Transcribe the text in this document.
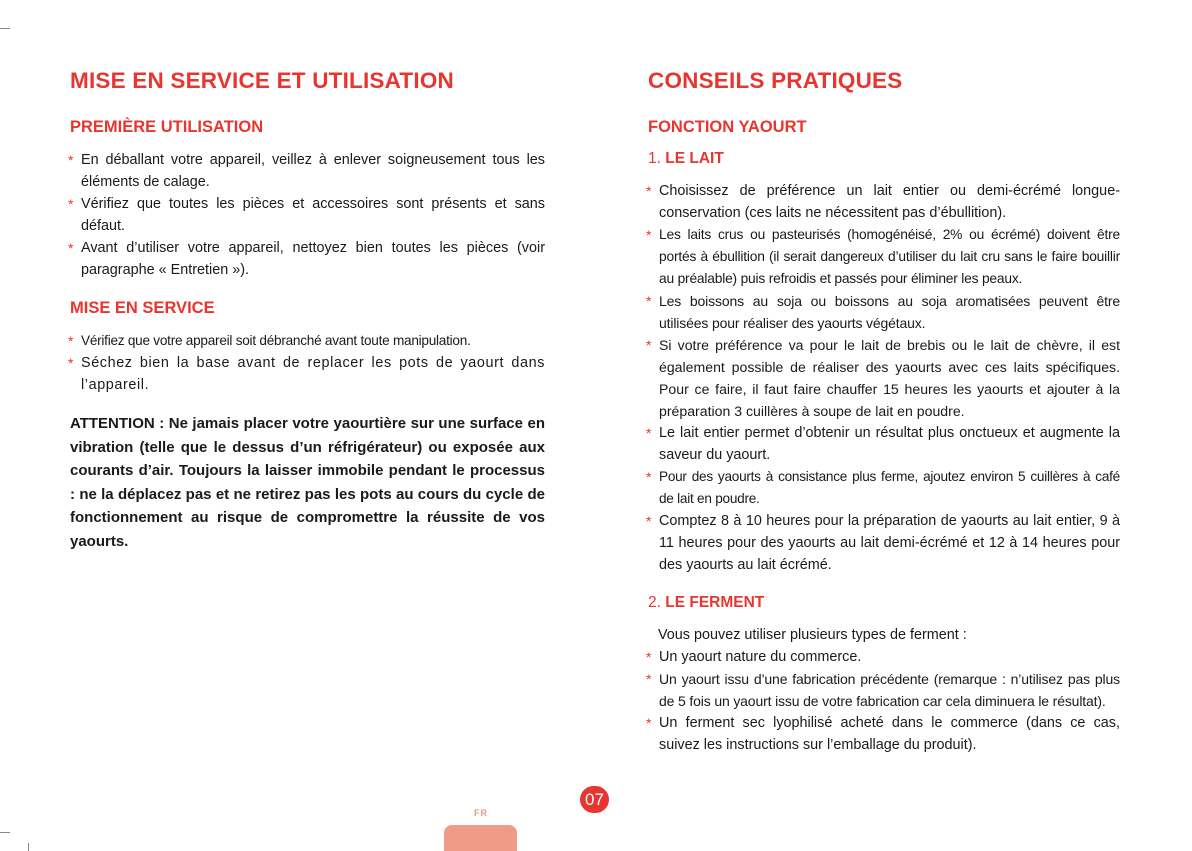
MISE EN SERVICE ET UTILISATION
PREMIÈRE UTILISATION
* En déballant votre appareil, veillez à enlever soigneusement tous les éléments de calage.
* Vérifiez que toutes les pièces et accessoires sont présents et sans défaut.
* Avant d’utiliser votre appareil, nettoyez bien toutes les pièces (voir paragraphe « Entretien »).
MISE EN SERVICE
* Vérifiez que votre appareil soit débranché avant toute manipulation.
* Séchez bien la base avant de replacer les pots de yaourt dans l’appareil.

ATTENTION : Ne jamais placer votre yaourtière sur une surface en vibration (telle que le dessus d’un réfrigérateur) ou exposée aux courants d’air. Toujours la laisser immobile pendant le processus : ne la déplacez pas et ne retirez pas les pots au cours du cycle de fonctionnement au risque de compromettre la réussite de vos yaourts.

CONSEILS PRATIQUES
FONCTION YAOURT
1. LE LAIT
* Choisissez de préférence un lait entier ou demi-écrémé longue-conservation (ces laits ne nécessitent pas d’ébullition).
* Les laits crus ou pasteurisés (homogénéisé, 2% ou écrémé) doivent être portés à ébullition (il serait dangereux d’utiliser du lait cru sans le faire bouillir au préalable) puis refroidis et passés pour éliminer les peaux.
* Les boissons au soja ou boissons au soja aromatisées peuvent être utilisées pour réaliser des yaourts végétaux.
* Si votre préférence va pour le lait de brebis ou le lait de chèvre, il est également possible de réaliser des yaourts avec ces laits spécifiques. Pour ce faire, il faut faire chauffer 15 heures les yaourts et ajouter à la préparation 3 cuillères à soupe de lait en poudre.
* Le lait entier permet d’obtenir un résultat plus onctueux et augmente la saveur du yaourt.
* Pour des yaourts à consistance plus ferme, ajoutez environ 5 cuillères à café de lait en poudre.
* Comptez 8 à 10 heures pour la préparation de yaourts au lait entier, 9 à 11 heures pour des yaourts au lait demi-écrémé et 12 à 14 heures pour des yaourts au lait écrémé.
2. LE FERMENT

Vous pouvez utiliser plusieurs types de ferment :

* Un yaourt nature du commerce.
* Un yaourt issu d’une fabrication précédente (remarque : n’utilisez pas plus de 5 fois un yaourt issu de votre fabrication car cela diminuera le résultat).
* Un ferment sec lyophilisé acheté dans le commerce (dans ce cas, suivez les instructions sur l’emballage du produit).
07
FR
